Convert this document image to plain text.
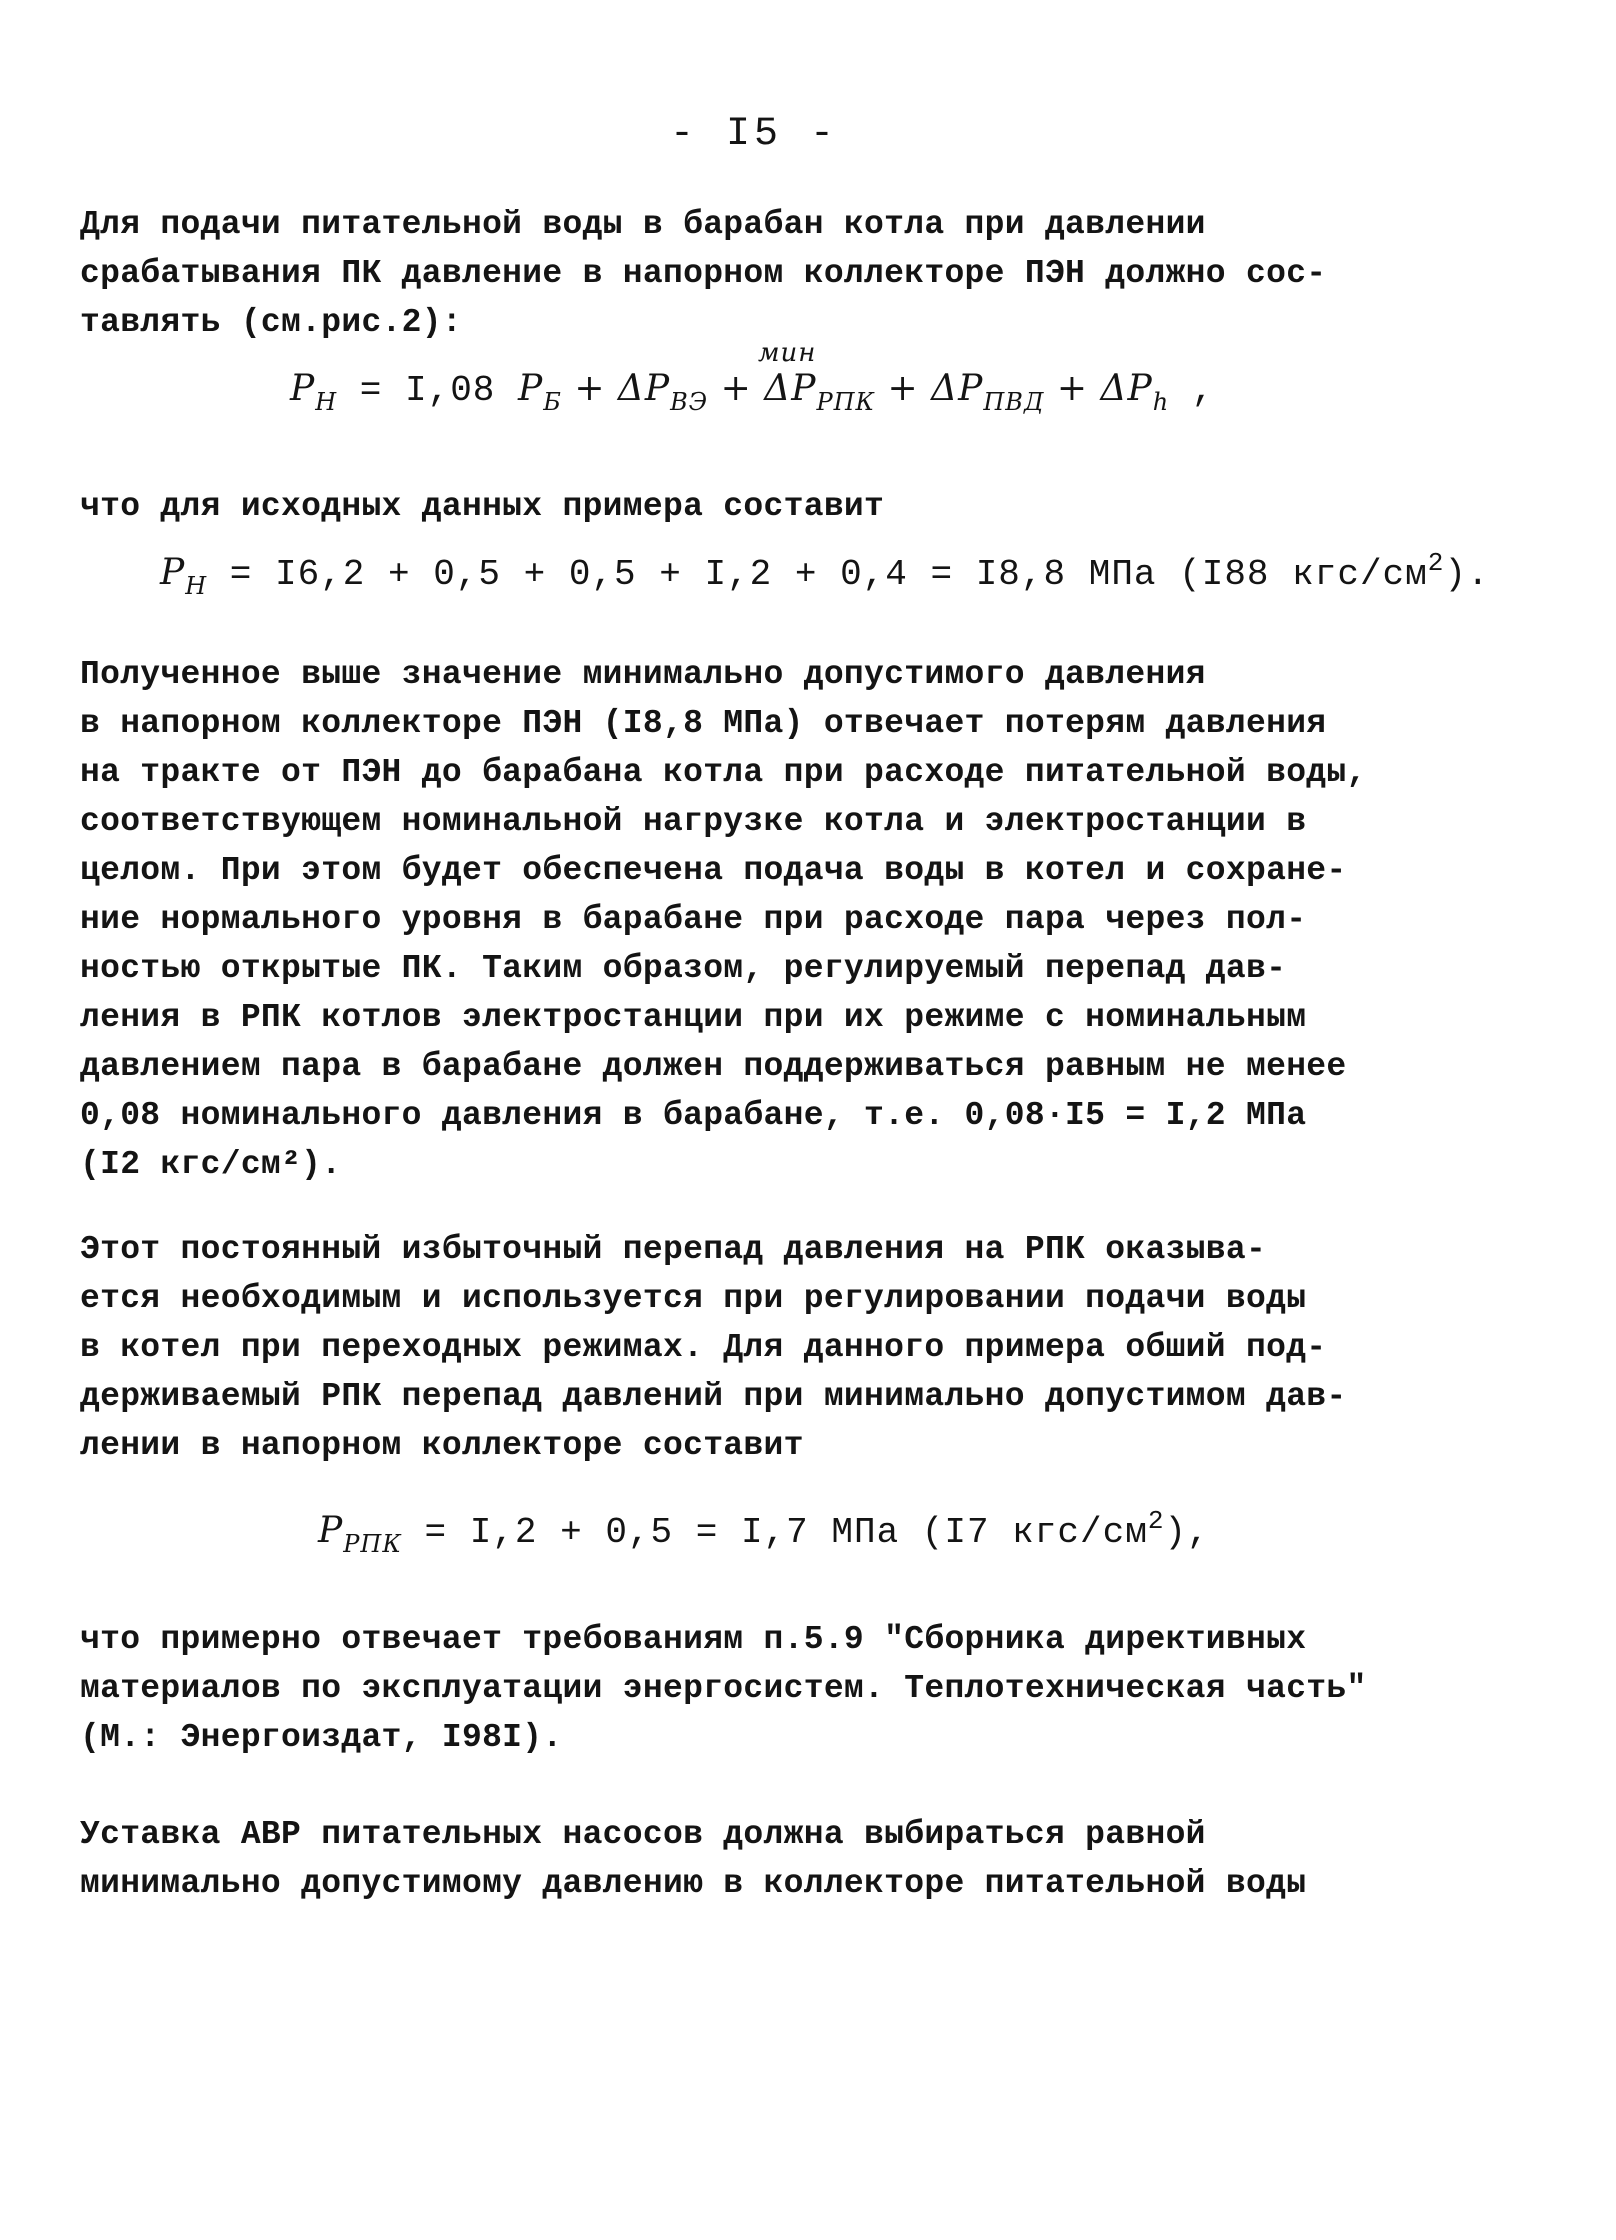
- I5 -
Для подачи питательной воды в барабан котла при давлении
срабатывания ПК давление в напорном коллекторе ПЭН должно сос-
тавлять (см.рис.2):
$P_Н = I,08$ $P_Б + \Delta P_{ВЭ} + \Delta P_{РПК} + \Delta P_{ПВД} + \Delta P_h$ ,
мин
что для исходных данных примера составит
$P_Н = I6,2 + 0,5 + 0,5 + I,2 + 0,4 = I8,8$ МПа (I88 кгс/$см^2$).
Полученное выше значение минимально допустимого давления
в напорном коллекторе ПЭН (I8,8 МПа) отвечает потерям давления
на тракте от ПЭН до барабана котла при расходе питательной воды,
соответствующем номинальной нагрузке котла и электростанции в
целом. При этом будет обеспечена подача воды в котел и сохране-
ние нормального уровня в барабане при расходе пара через пол-
ностью открытые ПК. Таким образом, регулируемый перепад дав-
ления в РПК котлов электростанции при их режиме с номинальным
давлением пара в барабане должен поддерживаться равным не менее
0,08 номинального давления в барабане, т.е. 0,08·I5 = I,2 МПа
(I2 кгс/см²).
Этот постоянный избыточный перепад давления на РПК оказыва-
ется необходимым и используется при регулировании подачи воды
в котел при переходных режимах. Для данного примера обший под-
держиваемый РПК перепад давлений при минимально допустимом дав-
лении в напорном коллекторе составит
$P_{РПК} = I,2 + 0,5 = I,7$ МПа (I7 кгс/$см^2$),
что примерно отвечает требованиям п.5.9 "Сборника директивных
материалов по эксплуатации энергосистем. Теплотехническая часть"
(М.: Энергоиздат, I98I).
Уставка АВР питательных насосов должна выбираться равной
минимально допустимому давлению в коллекторе питательной воды
